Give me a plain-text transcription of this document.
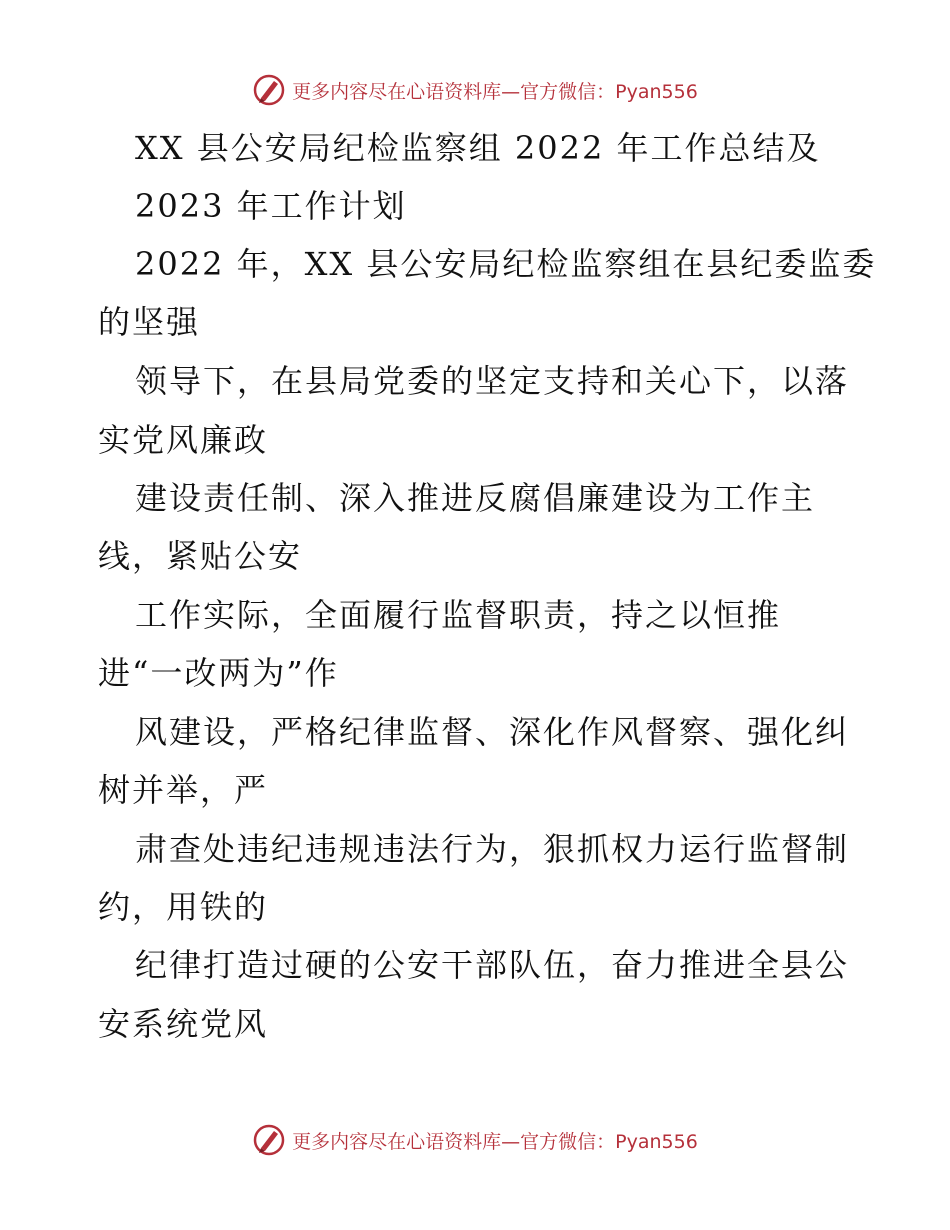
更多内容尽在心语资料库—官方微信：Pyan556
XX 县公安局纪检监察组 2022 年工作总结及
2023 年工作计划
2022 年，XX 县公安局纪检监察组在县纪委监委
的坚强
领导下，在县局党委的坚定支持和关心下，以落
实党风廉政
建设责任制、深入推进反腐倡廉建设为工作主
线，紧贴公安
工作实际，全面履行监督职责，持之以恒推
进“一改两为”作
风建设，严格纪律监督、深化作风督察、强化纠
树并举，严
肃查处违纪违规违法行为，狠抓权力运行监督制
约，用铁的
纪律打造过硬的公安干部队伍，奋力推进全县公
安系统党风
更多内容尽在心语资料库—官方微信：Pyan556
